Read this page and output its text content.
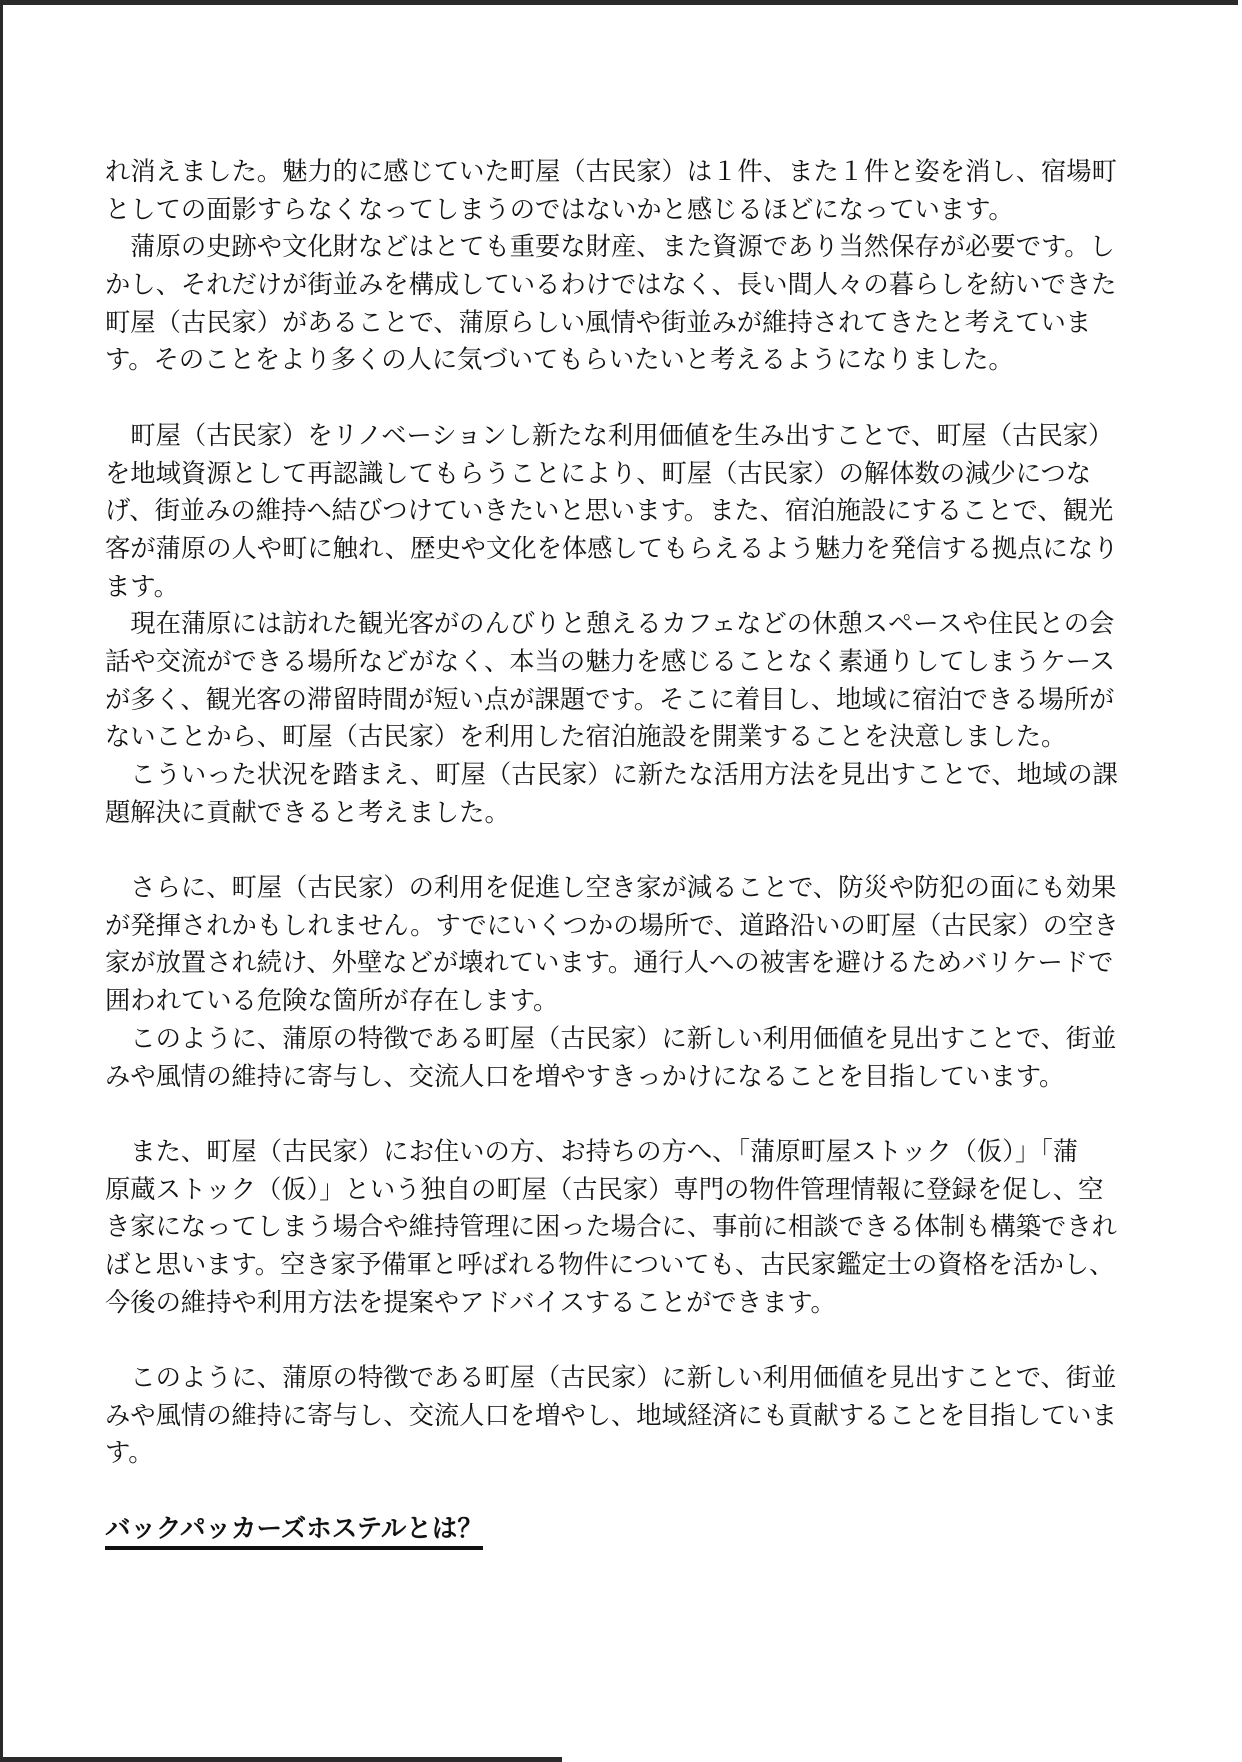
れ消えました。魅力的に感じていた町屋（古民家）は１件、また１件と姿を消し、宿場町
としての面影すらなくなってしまうのではないかと感じるほどになっています。
　蒲原の史跡や文化財などはとても重要な財産、また資源であり当然保存が必要です。し
かし、それだけが街並みを構成しているわけではなく、長い間人々の暮らしを紡いできた
町屋（古民家）があることで、蒲原らしい風情や街並みが維持されてきたと考えていま
す。そのことをより多くの人に気づいてもらいたいと考えるようになりました。
　町屋（古民家）をリノベーションし新たな利用価値を生み出すことで、町屋（古民家）
を地域資源として再認識してもらうことにより、町屋（古民家）の解体数の減少につな
げ、街並みの維持へ結びつけていきたいと思います。また、宿泊施設にすることで、観光
客が蒲原の人や町に触れ、歴史や文化を体感してもらえるよう魅力を発信する拠点になり
ます。
　現在蒲原には訪れた観光客がのんびりと憩えるカフェなどの休憩スペースや住民との会
話や交流ができる場所などがなく、本当の魅力を感じることなく素通りしてしまうケース
が多く、観光客の滞留時間が短い点が課題です。そこに着目し、地域に宿泊できる場所が
ないことから、町屋（古民家）を利用した宿泊施設を開業することを決意しました。
　こういった状況を踏まえ、町屋（古民家）に新たな活用方法を見出すことで、地域の課
題解決に貢献できると考えました。
　さらに、町屋（古民家）の利用を促進し空き家が減ることで、防災や防犯の面にも効果
が発揮されかもしれません。すでにいくつかの場所で、道路沿いの町屋（古民家）の空き
家が放置され続け、外壁などが壊れています。通行人への被害を避けるためバリケードで
囲われている危険な箇所が存在します。
　このように、蒲原の特徴である町屋（古民家）に新しい利用価値を見出すことで、街並
みや風情の維持に寄与し、交流人口を増やすきっかけになることを目指しています。
　また、町屋（古民家）にお住いの方、お持ちの方へ、「蒲原町屋ストック（仮）」「蒲
原蔵ストック（仮）」という独自の町屋（古民家）専門の物件管理情報に登録を促し、空
き家になってしまう場合や維持管理に困った場合に、事前に相談できる体制も構築できれ
ばと思います。空き家予備軍と呼ばれる物件についても、古民家鑑定士の資格を活かし、
今後の維持や利用方法を提案やアドバイスすることができます。
　このように、蒲原の特徴である町屋（古民家）に新しい利用価値を見出すことで、街並
みや風情の維持に寄与し、交流人口を増やし、地域経済にも貢献することを目指していま
す。
バックパッカーズホステルとは？
